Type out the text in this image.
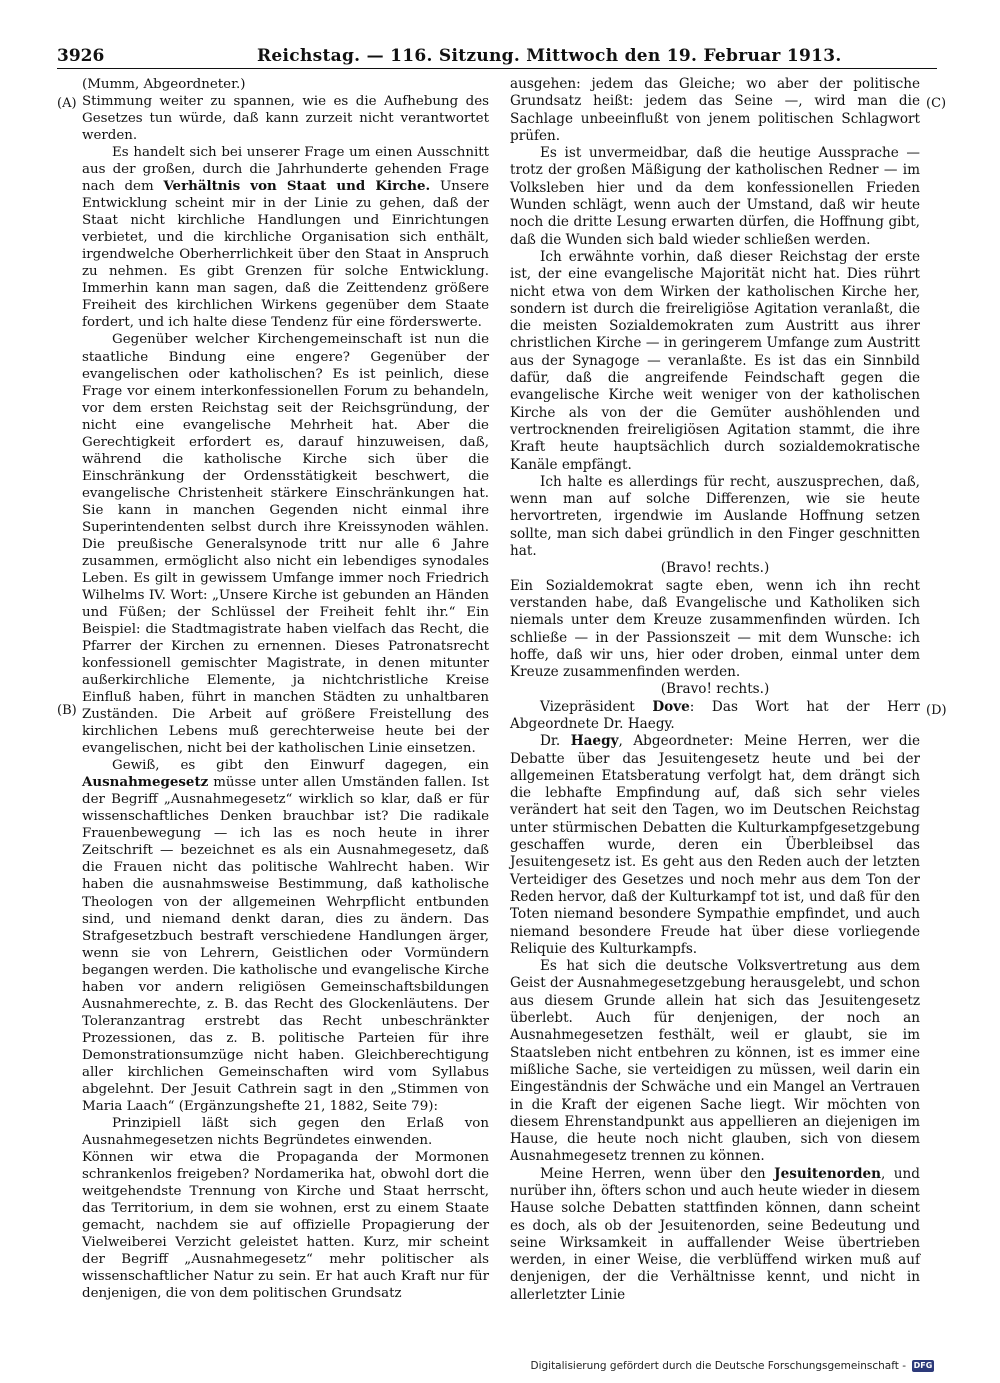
3926	Reichstag. — 116. Sitzung. Mittwoch den 19. Februar 1913.
(A)
(B)
(C)
(D)

(Mumm, Abgeordneter.)

Stimmung weiter zu spannen, wie es die Aufhebung des Gesetzes tun würde, daß kann zurzeit nicht verantwortet werden.

Es handelt sich bei unserer Frage um einen Ausschnitt aus der großen, durch die Jahrhunderte gehenden Frage nach dem Verhältnis von Staat und Kirche. Unsere Entwicklung scheint mir in der Linie zu gehen, daß der Staat nicht kirchliche Handlungen und Einrichtungen verbietet, und die kirchliche Organisation sich enthält, irgendwelche Oberherrlichkeit über den Staat in Anspruch zu nehmen. Es gibt Grenzen für solche Entwicklung. Immerhin kann man sagen, daß die Zeittendenz größere Freiheit des kirchlichen Wirkens gegenüber dem Staate fordert, und ich halte diese Tendenz für eine förderswerte.

Gegenüber welcher Kirchengemeinschaft ist nun die staatliche Bindung eine engere? Gegenüber der evangelischen oder katholischen? Es ist peinlich, diese Frage vor einem interkonfessionellen Forum zu behandeln, vor dem ersten Reichstag seit der Reichsgründung, der nicht eine evangelische Mehrheit hat. Aber die Gerechtigkeit erfordert es, darauf hinzuweisen, daß, während die katholische Kirche sich über die Einschränkung der Ordensstätigkeit beschwert, die evangelische Christenheit stärkere Einschränkungen hat. Sie kann in manchen Gegenden nicht einmal ihre Superintendenten selbst durch ihre Kreissynoden wählen. Die preußische Generalsynode tritt nur alle 6 Jahre zusammen, ermöglicht also nicht ein lebendiges synodales Leben. Es gilt in gewissem Umfange immer noch Friedrich Wilhelms IV. Wort: „Unsere Kirche ist gebunden an Händen und Füßen; der Schlüssel der Freiheit fehlt ihr.“ Ein Beispiel: die Stadtmagistrate haben vielfach das Recht, die Pfarrer der Kirchen zu ernennen. Dieses Patronatsrecht konfessionell gemischter Magistrate, in denen mitunter außerkirchliche Elemente, ja nichtchristliche Kreise Einfluß haben, führt in manchen Städten zu unhaltbaren Zuständen. Die Arbeit auf größere Freistellung des kirchlichen Lebens muß gerechterweise heute bei der evangelischen, nicht bei der katholischen Linie einsetzen.

Gewiß, es gibt den Einwurf dagegen, ein Ausnahmegesetz müsse unter allen Umständen fallen. Ist der Begriff „Ausnahmegesetz“ wirklich so klar, daß er für wissenschaftliches Denken brauchbar ist? Die radikale Frauenbewegung — ich las es noch heute in ihrer Zeitschrift — bezeichnet es als ein Ausnahmegesetz, daß die Frauen nicht das politische Wahlrecht haben. Wir haben die ausnahmsweise Bestimmung, daß katholische Theologen von der allgemeinen Wehrpflicht entbunden sind, und niemand denkt daran, dies zu ändern. Das Strafgesetzbuch bestraft verschiedene Handlungen ärger, wenn sie von Lehrern, Geistlichen oder Vormündern begangen werden. Die katholische und evangelische Kirche haben vor andern religiösen Gemeinschaftsbildungen Ausnahmerechte, z. B. das Recht des Glockenläutens. Der Toleranzantrag erstrebt das Recht unbeschränkter Prozessionen, das z. B. politische Parteien für ihre Demonstrationsumzüge nicht haben. Gleichberechtigung aller kirchlichen Gemeinschaften wird vom Syllabus abgelehnt. Der Jesuit Cathrein sagt in den „Stimmen von Maria Laach“ (Ergänzungshefte 21, 1882, Seite 79):

Prinzipiell läßt sich gegen den Erlaß von Ausnahmegesetzen nichts Begründetes einwenden.

Können wir etwa die Propaganda der Mormonen schrankenlos freigeben? Nordamerika hat, obwohl dort die weitgehendste Trennung von Kirche und Staat herrscht, das Territorium, in dem sie wohnen, erst zu einem Staate gemacht, nachdem sie auf offizielle Propagierung der Vielweiberei Verzicht geleistet hatten. Kurz, mir scheint der Begriff „Ausnahmegesetz“ mehr politischer als wissenschaftlicher Natur zu sein. Er hat auch Kraft nur für denjenigen, die von dem politischen Grundsatz

ausgehen: jedem das Gleiche; wo aber der politische Grundsatz heißt: jedem das Seine —, wird man die Sachlage unbeeinflußt von jenem politischen Schlagwort prüfen.

Es ist unvermeidbar, daß die heutige Aussprache — trotz der großen Mäßigung der katholischen Redner — im Volksleben hier und da dem konfessionellen Frieden Wunden schlägt, wenn auch der Umstand, daß wir heute noch die dritte Lesung erwarten dürfen, die Hoffnung gibt, daß die Wunden sich bald wieder schließen werden.

Ich erwähnte vorhin, daß dieser Reichstag der erste ist, der eine evangelische Majorität nicht hat. Dies rührt nicht etwa von dem Wirken der katholischen Kirche her, sondern ist durch die freireligiöse Agitation veranlaßt, die die meisten Sozialdemokraten zum Austritt aus ihrer christlichen Kirche — in geringerem Umfange zum Austritt aus der Synagoge — veranlaßte. Es ist das ein Sinnbild dafür, daß die angreifende Feindschaft gegen die evangelische Kirche weit weniger von der katholischen Kirche als von der die Gemüter aushöhlenden und vertrocknenden freireligiösen Agitation stammt, die ihre Kraft heute hauptsächlich durch sozialdemokratische Kanäle empfängt.

Ich halte es allerdings für recht, auszusprechen, daß, wenn man auf solche Differenzen, wie sie heute hervortreten, irgendwie im Auslande Hoffnung setzen sollte, man sich dabei gründlich in den Finger geschnitten hat.

(Bravo! rechts.)

Ein Sozialdemokrat sagte eben, wenn ich ihn recht verstanden habe, daß Evangelische und Katholiken sich niemals unter dem Kreuze zusammenfinden würden. Ich schließe — in der Passionszeit — mit dem Wunsche: ich hoffe, daß wir uns, hier oder droben, einmal unter dem Kreuze zusammenfinden werden.

(Bravo! rechts.)

Vizepräsident Dove: Das Wort hat der Herr Abgeordnete Dr. Haegy.

Dr. Haegy, Abgeordneter: Meine Herren, wer die Debatte über das Jesuitengesetz heute und bei der allgemeinen Etatsberatung verfolgt hat, dem drängt sich die lebhafte Empfindung auf, daß sich sehr vieles verändert hat seit den Tagen, wo im Deutschen Reichstag unter stürmischen Debatten die Kulturkampfgesetzgebung geschaffen wurde, deren ein Überbleibsel das Jesuitengesetz ist. Es geht aus den Reden auch der letzten Verteidiger des Gesetzes und noch mehr aus dem Ton der Reden hervor, daß der Kulturkampf tot ist, und daß für den Toten niemand besondere Sympathie empfindet, und auch niemand besondere Freude hat über diese vorliegende Reliquie des Kulturkampfs.

Es hat sich die deutsche Volksvertretung aus dem Geist der Ausnahmegesetzgebung herausgelebt, und schon aus diesem Grunde allein hat sich das Jesuitengesetz überlebt. Auch für denjenigen, der noch an Ausnahmegesetzen festhält, weil er glaubt, sie im Staatsleben nicht entbehren zu können, ist es immer eine mißliche Sache, sie verteidigen zu müssen, weil darin ein Eingeständnis der Schwäche und ein Mangel an Vertrauen in die Kraft der eigenen Sache liegt. Wir möchten von diesem Ehrenstandpunkt aus appellieren an diejenigen im Hause, die heute noch nicht glauben, sich von diesem Ausnahmegesetz trennen zu können.

Meine Herren, wenn über den Jesuitenorden, und nurüber ihn, öfters schon und auch heute wieder in diesem Hause solche Debatten stattfinden können, dann scheint es doch, als ob der Jesuitenorden, seine Bedeutung und seine Wirksamkeit in auffallender Weise übertrieben werden, in einer Weise, die verblüffend wirken muß auf denjenigen, der die Verhältnisse kennt, und nicht in allerletzter Linie

Digitalisierung gefördert durch die Deutsche Forschungsgemeinschaft - DFG
